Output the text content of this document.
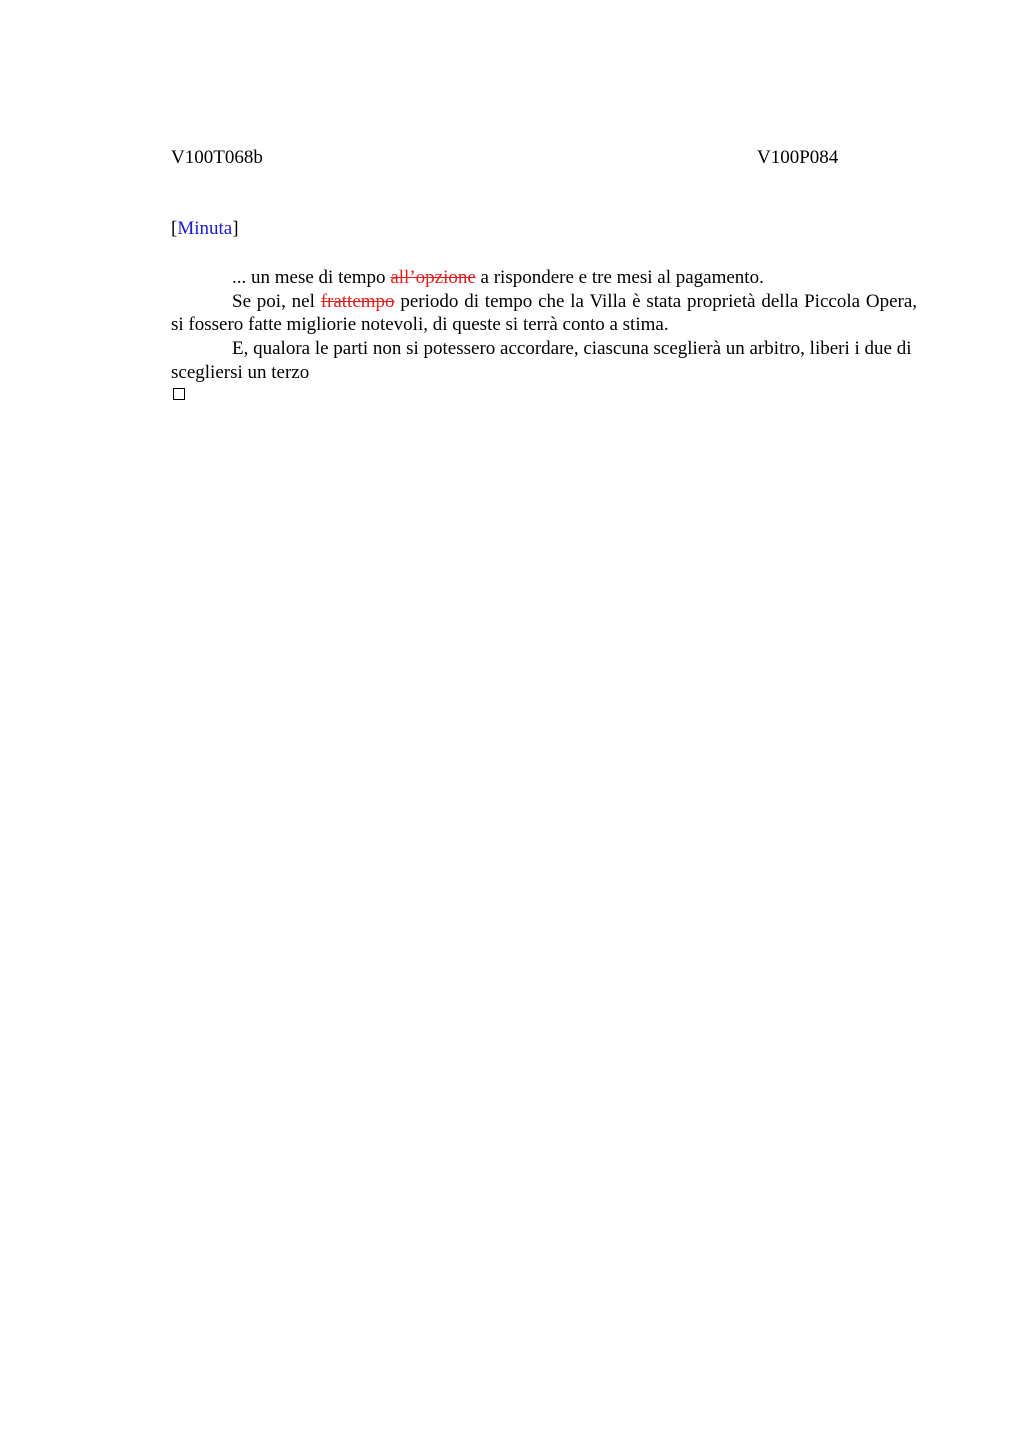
V100T068b	V100P084
[Minuta]

... un mese di tempo all’opzione a rispondere e tre mesi al pagamento.

Se poi, nel frattempo periodo di tempo che la Villa è stata proprietà della Piccola Opera, si fossero fatte migliorie notevoli, di queste si terrà conto a stima.

E, qualora le parti non si potessero accordare, ciascuna sceglierà un arbitro, liberi i due di scegliersi un terzo
